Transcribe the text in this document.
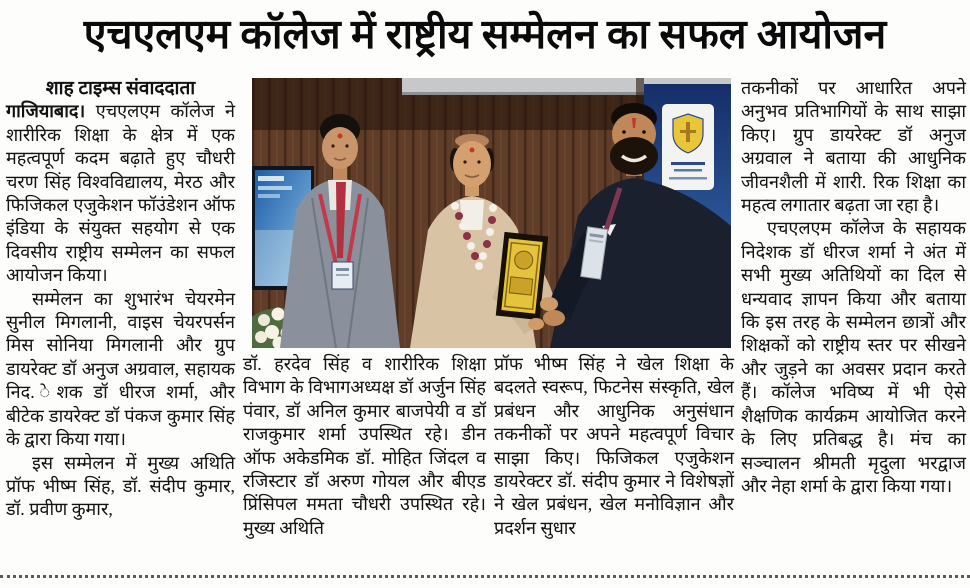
एचएलएम कॉलेज में राष्ट्रीय सम्मेलन का सफल आयोजन

शाह टाइम्स संवाददाता

गाजियाबाद। एचएलएम कॉलेज ने शारीरिक शिक्षा के क्षेत्र में एक महत्वपूर्ण कदम बढ़ाते हुए चौधरी चरण सिंह विश्वविद्यालय, मेरठ और फिजिकल एजुकेशन फॉउंडेशन ऑफ इंडिया के संयुक्त सहयोग से एक दिवसीय राष्ट्रीय सम्मेलन का सफल आयोजन किया।

सम्मेलन का शुभारंभ चेयरमेन सुनील मिगलानी, वाइस चेयरपर्सन मिस सोनिया मिगलानी और ग्रुप डायरेक्ट डॉ अनुज अग्रवाल, सहायक निद. ेशक डॉ धीरज शर्मा, और बीटेक डायरेक्ट डॉ पंकज कुमार सिंह के द्वारा किया गया।

इस सम्मेलन में मुख्य अथिति प्रॉफ भीष्म सिंह, डॉ. संदीप कुमार, डॉ. प्रवीण कुमार,

डॉ. हरदेव सिंह व शारीरिक शिक्षा विभाग के विभागअध्यक्ष डॉ अर्जुन सिंह पंवार, डॉ अनिल कुमार बाजपेयी व डॉ राजकुमार शर्मा उपस्थित रहे। डीन ऑफ अकेडमिक डॉ. मोहित जिंदल व रजिस्टार डॉ अरुण गोयल और बीएड प्रिंसिपल ममता चौधरी उपस्थित रहे। मुख्य अथिति

प्रॉफ भीष्म सिंह ने खेल शिक्षा के बदलते स्वरूप, फिटनेस संस्कृति, खेल प्रबंधन और आधुनिक अनुसंधान तकनीकों पर अपने महत्वपूर्ण विचार साझा किए। फिजिकल एजुकेशन डायरेक्टर डॉ. संदीप कुमार ने विशेषज्ञों ने खेल प्रबंधन, खेल मनोविज्ञान और प्रदर्शन सुधार

तकनीकों पर आधारित अपने अनुभव प्रतिभागियों के साथ साझा किए। ग्रुप डायरेक्ट डॉ अनुज अग्रवाल ने बताया की आधुनिक जीवनशैली में शारी. रिक शिक्षा का महत्व लगातार बढ़ता जा रहा है।

एचएलएम कॉलेज के सहायक निदेशक डॉ धीरज शर्मा ने अंत में सभी मुख्य अतिथियों का दिल से धन्यवाद ज्ञापन किया और बताया कि इस तरह के सम्मेलन छात्रों और शिक्षकों को राष्ट्रीय स्तर पर सीखने और जुड़ने का अवसर प्रदान करते हैं। कॉलेज भविष्य में भी ऐसे शैक्षणिक कार्यक्रम आयोजित करने के लिए प्रतिबद्ध है। मंच का सञ्चालन श्रीमती मृदुला भरद्वाज और नेहा शर्मा के द्वारा किया गया।
